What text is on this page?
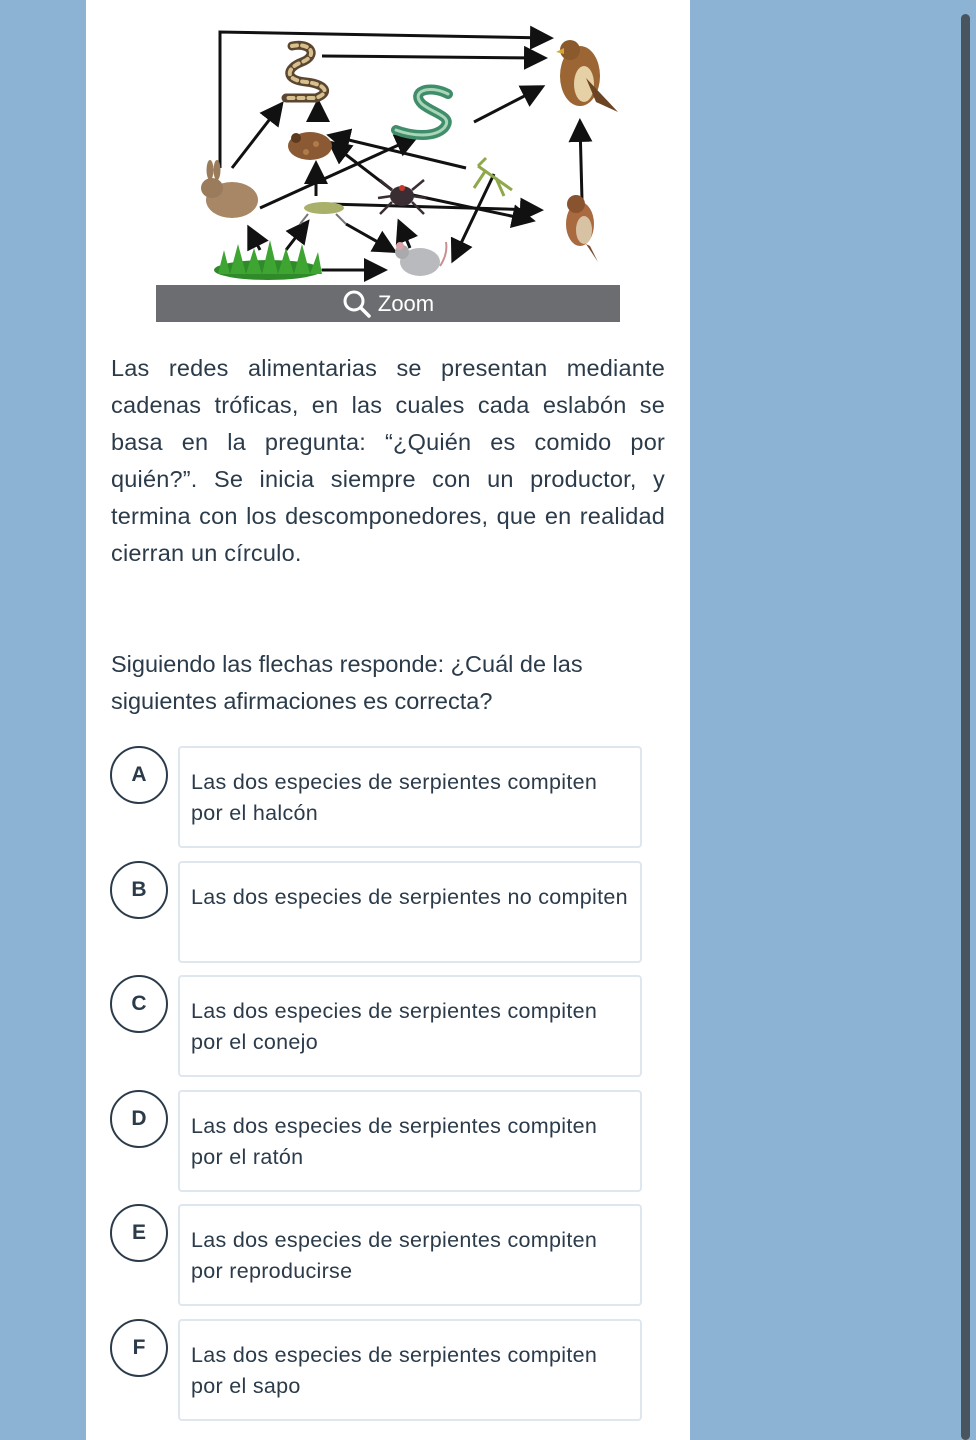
Zoom
Las redes alimentarias se presentan mediante cadenas tróficas, en las cuales cada eslabón se basa en la pregunta: “¿Quién es comido por quién?”. Se inicia siempre con un productor, y termina con los descomponedores, que en realidad cierran un círculo.
Siguiendo las flechas responde: ¿Cuál de las siguientes afirmaciones es correcta?
A	Las dos especies de serpientes compiten por el halcón
B	Las dos especies de serpientes no compiten
C	Las dos especies de serpientes compiten por el conejo
D	Las dos especies de serpientes compiten por el ratón
E	Las dos especies de serpientes compiten por reproducirse
F	Las dos especies de serpientes compiten por el sapo
